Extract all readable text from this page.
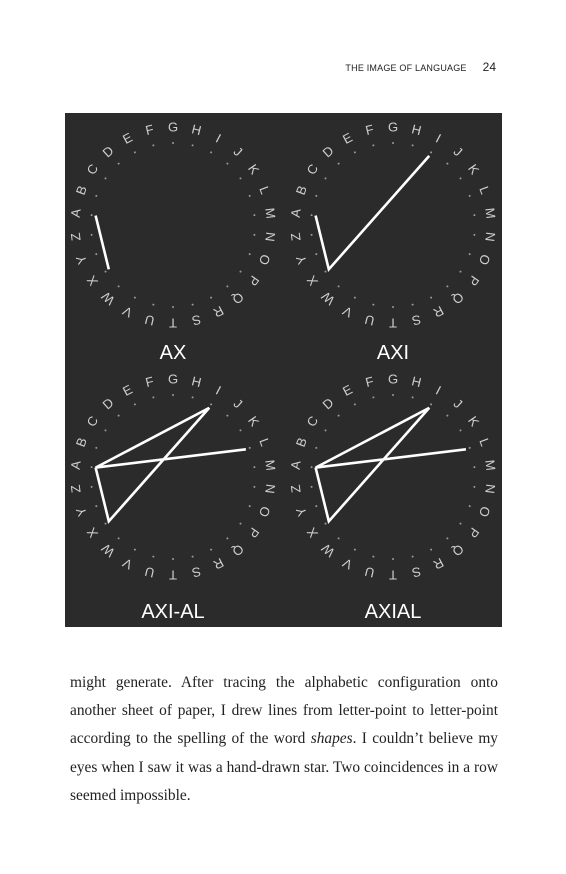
THE IMAGE OF LANGUAGE 24
A
B
C
D
E F G H I
J
K
L
M
N
O
P
Q
R
S
T
U
V
W
X
Y
Z
AX
A
B
C
D
E F G H I
J
K
L
M
N
O
P
Q
R
S
T
U
V
W
X
Y
Z
AXI
A
B
C
D
E F G H I
J
K
L
M
N
O
P
Q
R
S
T
U
V
W
X
Y
Z
AXI-AL
A
B
C
D
E F G H I
J
K
L
M
N
O
P
Q
R
S
T
U
V
W
X
Y
Z
AXIAL

might generate. After tracing the alphabetic configuration onto another sheet of paper, I drew lines from letter-point to letter-point according to the spelling of the word shapes. I couldn’t believe my eyes when I saw it was a hand-drawn star. Two coincidences in a row seemed impossible.
